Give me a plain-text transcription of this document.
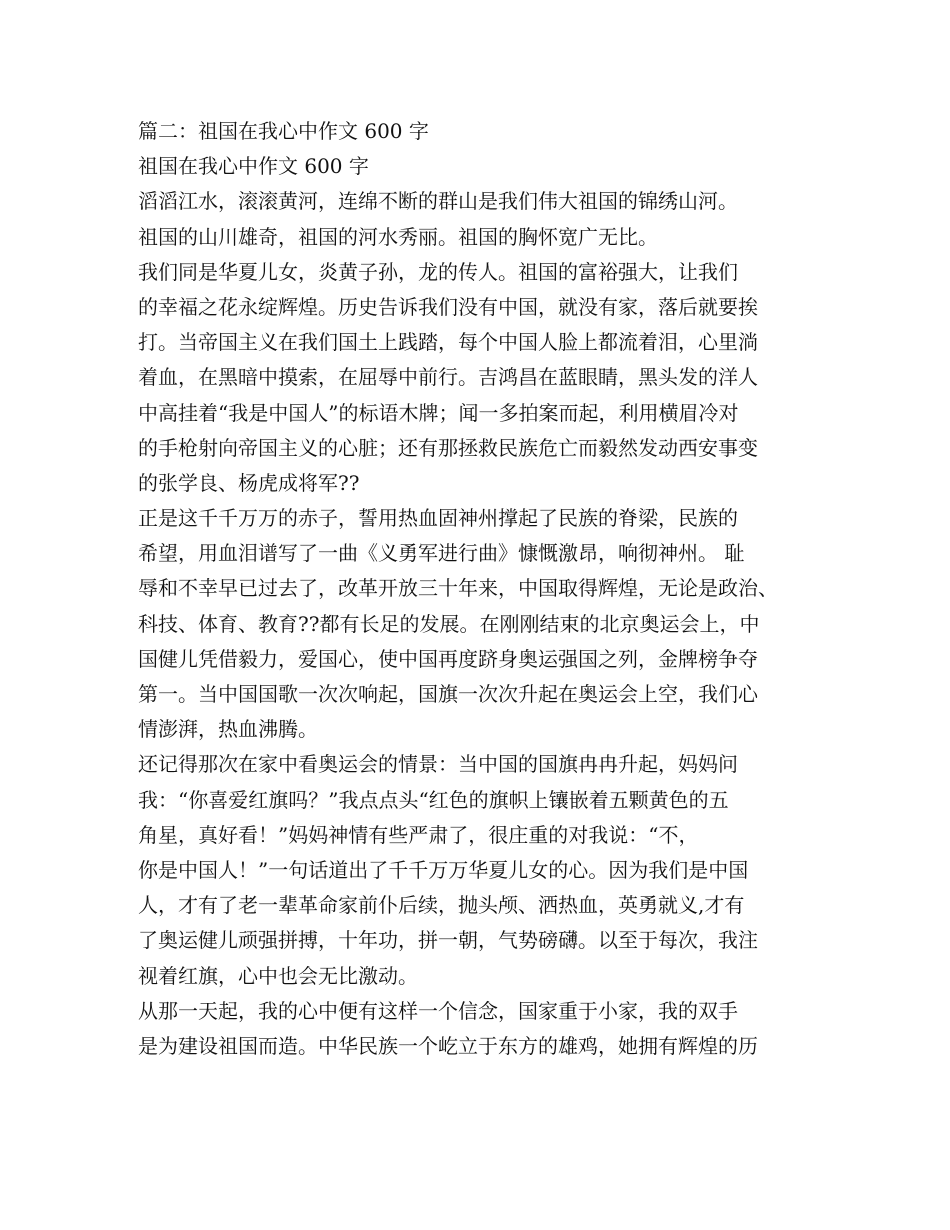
篇二：祖国在我心中作文 600 字
祖国在我心中作文 600 字
滔滔江水，滚滚黄河，连绵不断的群山是我们伟大祖国的锦绣山河。
祖国的山川雄奇，祖国的河水秀丽。祖国的胸怀宽广无比。
我们同是华夏儿女，炎黄子孙，龙的传人。祖国的富裕强大，让我们
的幸福之花永绽辉煌。历史告诉我们没有中国，就没有家，落后就要挨
打。当帝国主义在我们国土上践踏，每个中国人脸上都流着泪，心里淌
着血，在黑暗中摸索，在屈辱中前行。吉鸿昌在蓝眼睛，黑头发的洋人
中高挂着“我是中国人”的标语木牌；闻一多拍案而起，利用横眉冷对
的手枪射向帝国主义的心脏；还有那拯救民族危亡而毅然发动西安事变
的张学良、杨虎成将军??
正是这千千万万的赤子，誓用热血固神州撑起了民族的脊梁，民族的
希望，用血泪谱写了一曲《义勇军进行曲》慷慨激昂，响彻神州。 耻
辱和不幸早已过去了，改革开放三十年来，中国取得辉煌，无论是政治、
科技、体育、教育??都有长足的发展。在刚刚结束的北京奥运会上，中
国健儿凭借毅力，爱国心，使中国再度跻身奥运强国之列，金牌榜争夺
第一。当中国国歌一次次响起，国旗一次次升起在奥运会上空，我们心
情澎湃，热血沸腾。
还记得那次在家中看奥运会的情景：当中国的国旗冉冉升起，妈妈问
我：“你喜爱红旗吗？”我点点头“红色的旗帜上镶嵌着五颗黄色的五
角星，真好看！”妈妈神情有些严肃了，很庄重的对我说：“不，
你是中国人！”一句话道出了千千万万华夏儿女的心。因为我们是中国
人，才有了老一辈革命家前仆后续，抛头颅、洒热血，英勇就义,才有
了奥运健儿顽强拼搏，十年功，拼一朝，气势磅礴。以至于每次，我注
视着红旗，心中也会无比激动。
从那一天起，我的心中便有这样一个信念，国家重于小家，我的双手
是为建设祖国而造。中华民族一个屹立于东方的雄鸡，她拥有辉煌的历
